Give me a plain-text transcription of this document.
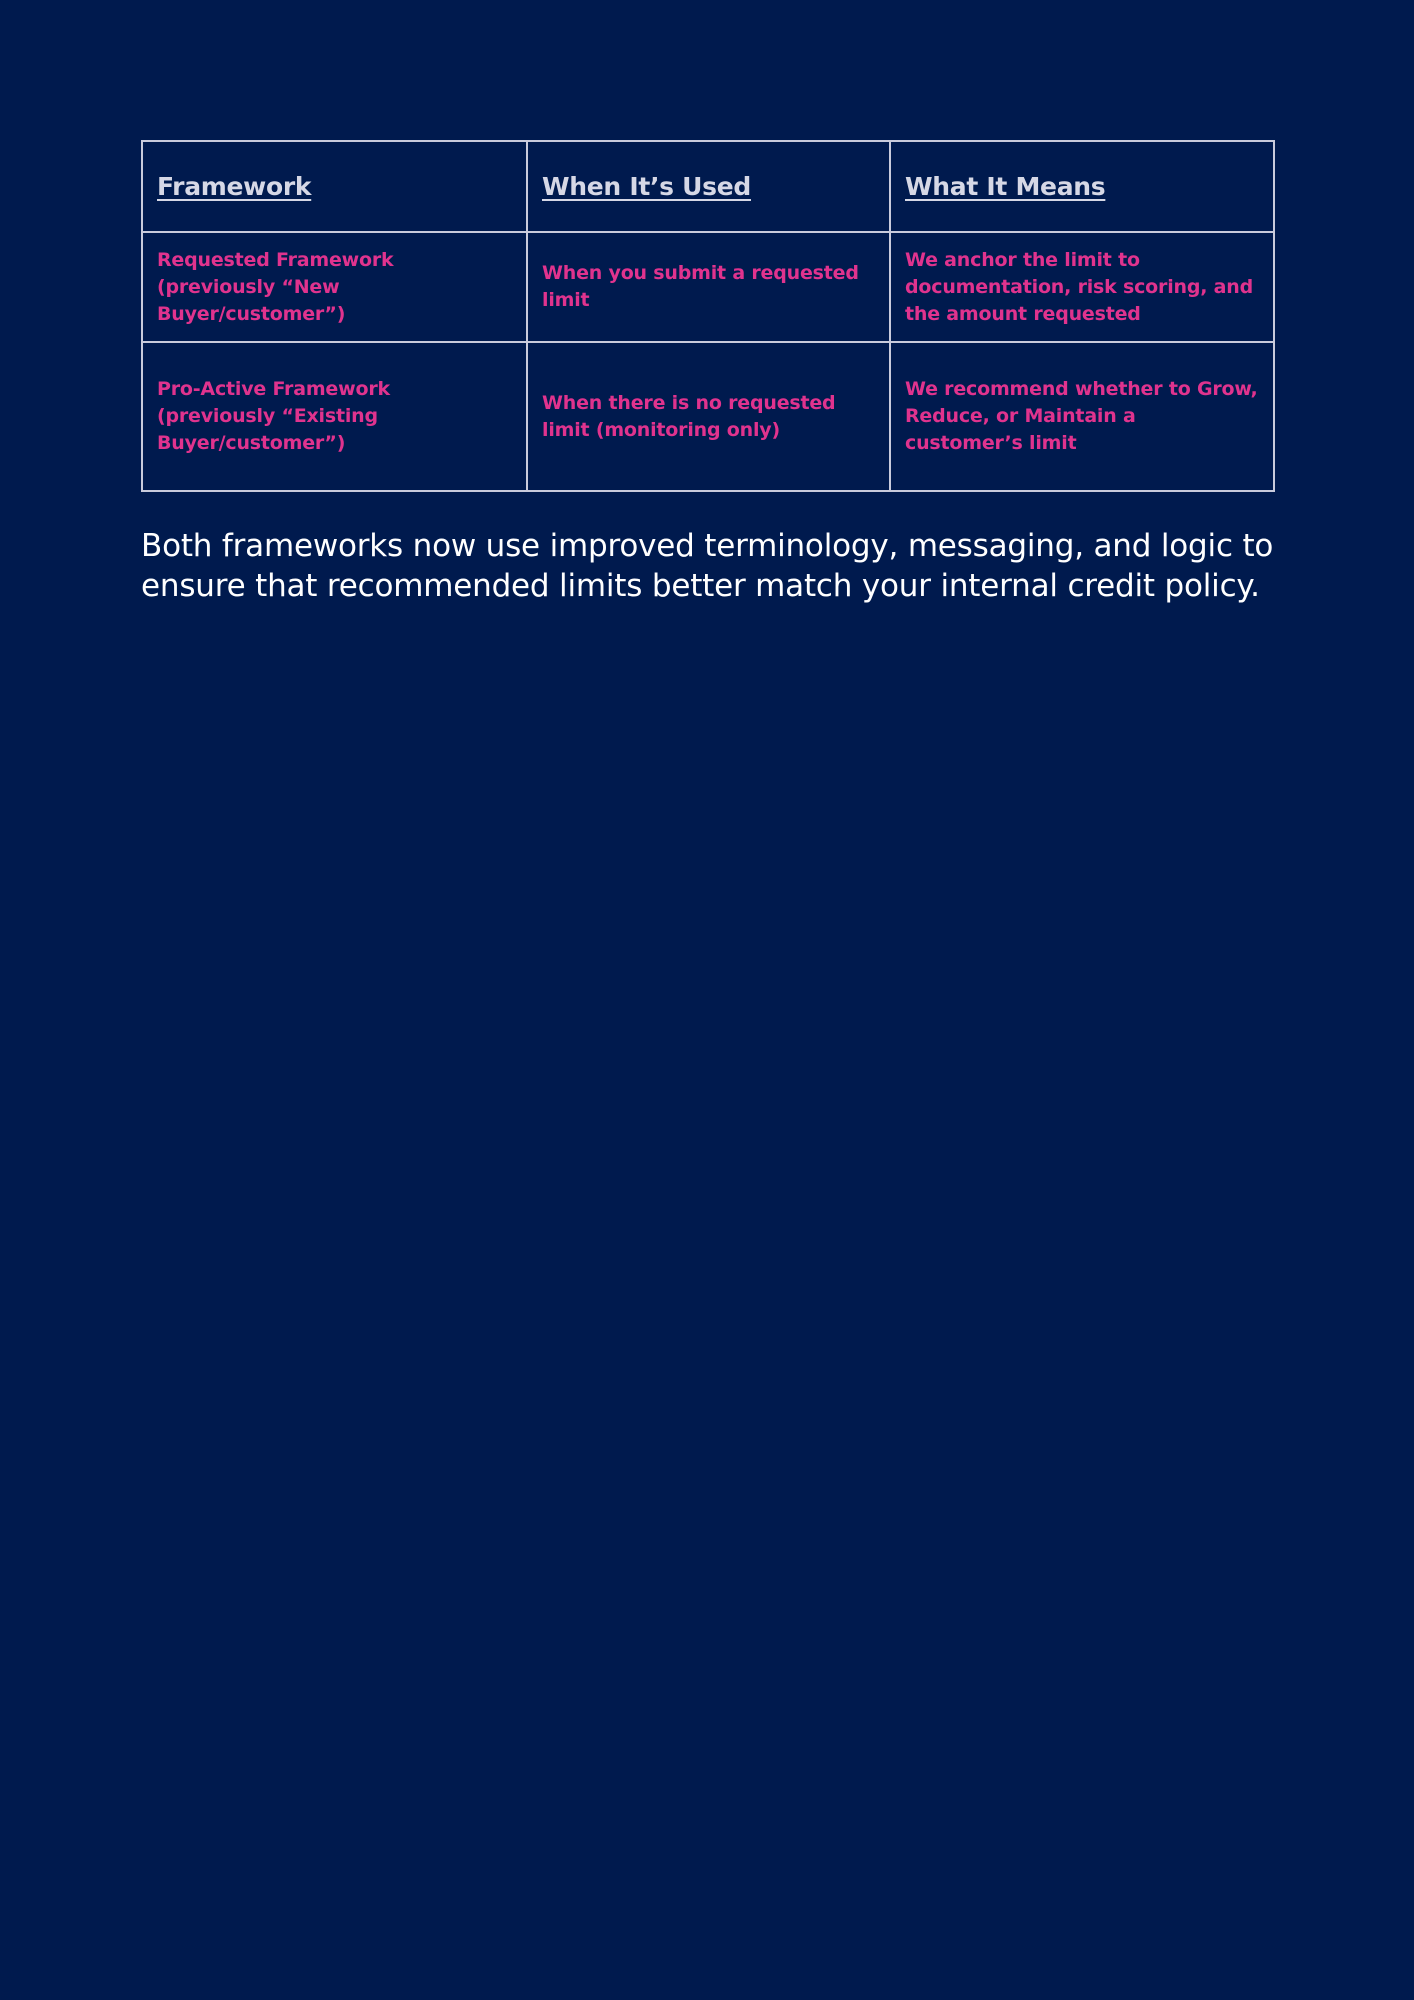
Framework	When It’s Used	What It Means
Requested Framework (previously “New Buyer/customer”)	When you submit a requested limit	We anchor the limit to documentation, risk scoring, and the amount requested
Pro-Active Framework (previously “Existing Buyer/customer”)	When there is no requested limit (monitoring only)	We recommend whether to Grow, Reduce, or Maintain a customer’s limit

Both frameworks now use improved terminology, messaging, and logic to ensure that recommended limits better match your internal credit policy.
